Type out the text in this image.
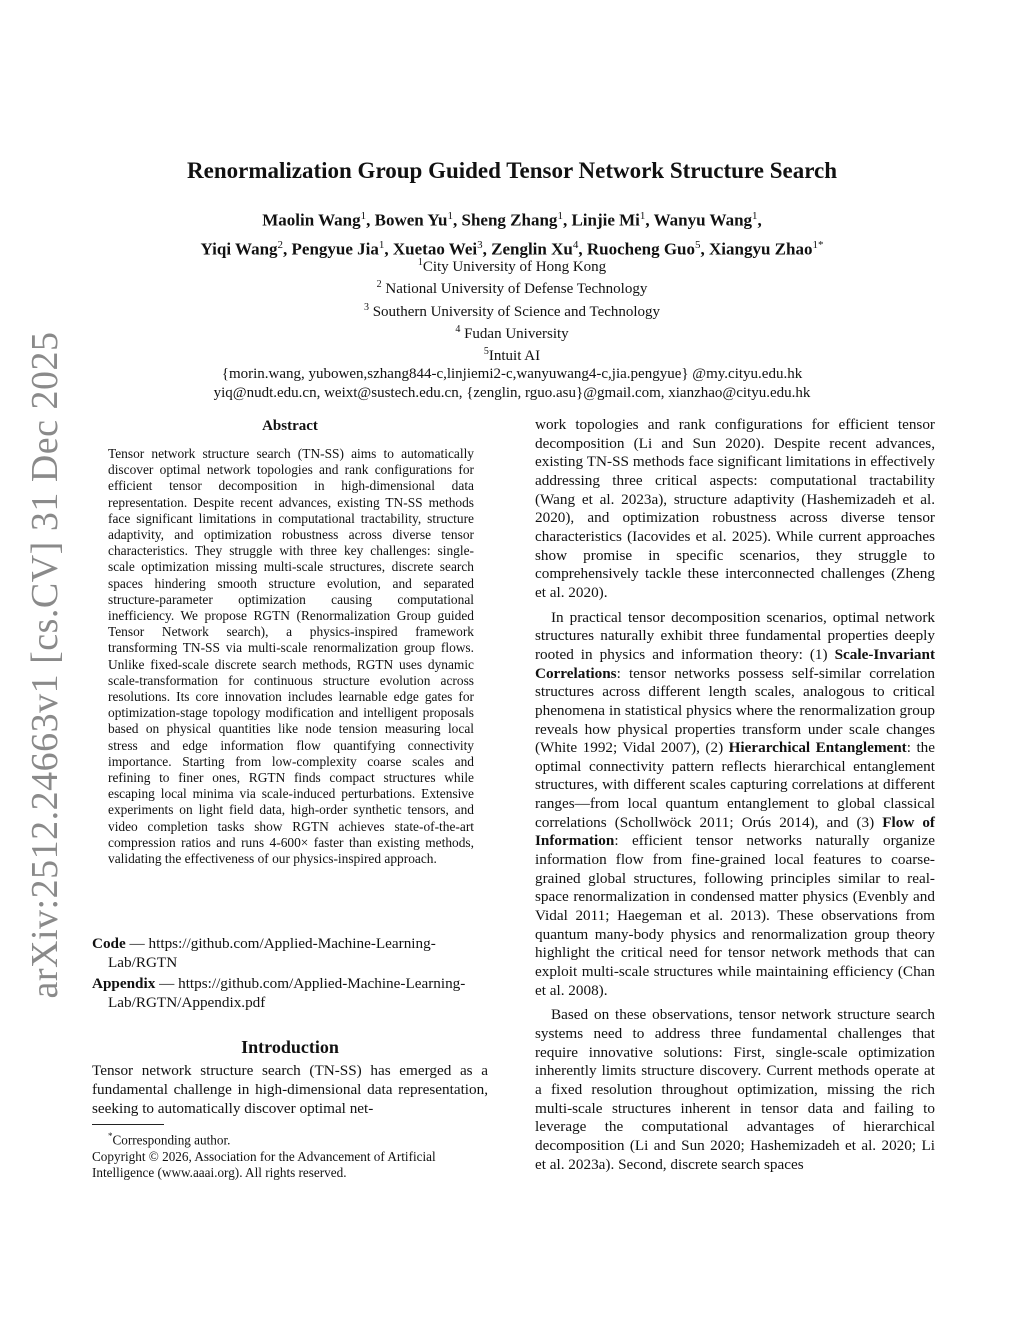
arXiv:2512.24663v1 [cs.CV] 31 Dec 2025
Renormalization Group Guided Tensor Network Structure Search
Maolin Wang$^1$, Bowen Yu$^1$, Sheng Zhang$^1$, Linjie Mi$^1$, Wanyu Wang$^1$,
Yiqi Wang$^2$, Pengyue Jia$^1$, Xuetao Wei$^3$, Zenglin Xu$^4$, Ruocheng Guo$^5$, Xiangyu Zhao$^{1*}$
$^1$City University of Hong Kong
$^2$ National University of Defense Technology
$^3$ Southern University of Science and Technology
$^4$ Fudan University
$^5$Intuit AI
{morin.wang, yubowen,szhang844-c,linjiemi2-c,wanyuwang4-c,jia.pengyue} @my.cityu.edu.hk
yiq@nudt.edu.cn, weixt@sustech.edu.cn, {zenglin, rguo.asu}@gmail.com, xianzhao@cityu.edu.hk
Abstract
Tensor network structure search (TN-SS) aims to automatically discover optimal network topologies and rank configurations for efficient tensor decomposition in high-dimensional data representation. Despite recent advances, existing TN-SS methods face significant limitations in computational tractability, structure adaptivity, and optimization robustness across diverse tensor characteristics. They struggle with three key challenges: single-scale optimization missing multi-scale structures, discrete search spaces hindering smooth structure evolution, and separated structure-parameter optimization causing computational inefficiency. We propose RGTN (Renormalization Group guided Tensor Network search), a physics-inspired framework transforming TN-SS via multi-scale renormalization group flows. Unlike fixed-scale discrete search methods, RGTN uses dynamic scale-transformation for continuous structure evolution across resolutions. Its core innovation includes learnable edge gates for optimization-stage topology modification and intelligent proposals based on physical quantities like node tension measuring local stress and edge information flow quantifying connectivity importance. Starting from low-complexity coarse scales and refining to finer ones, RGTN finds compact structures while escaping local minima via scale-induced perturbations. Extensive experiments on light field data, high-order synthetic tensors, and video completion tasks show RGTN achieves state-of-the-art compression ratios and runs 4-600× faster than existing methods, validating the effectiveness of our physics-inspired approach.
Code — https://github.com/Applied-Machine-Learning-Lab/RGTN
Appendix — https://github.com/Applied-Machine-Learning-Lab/RGTN/Appendix.pdf
Introduction
Tensor network structure search (TN-SS) has emerged as a fundamental challenge in high-dimensional data representation, seeking to automatically discover optimal net-
*Corresponding author.
Copyright © 2026, Association for the Advancement of Artificial Intelligence (www.aaai.org). All rights reserved.

work topologies and rank configurations for efficient tensor decomposition (Li and Sun 2020). Despite recent advances, existing TN-SS methods face significant limitations in effectively addressing three critical aspects: computational tractability (Wang et al. 2023a), structure adaptivity (Hashemizadeh et al. 2020), and optimization robustness across diverse tensor characteristics (Iacovides et al. 2025). While current approaches show promise in specific scenarios, they struggle to comprehensively tackle these interconnected challenges (Zheng et al. 2020).

In practical tensor decomposition scenarios, optimal network structures naturally exhibit three fundamental properties deeply rooted in physics and information theory: (1) Scale-Invariant Correlations: tensor networks possess self-similar correlation structures across different length scales, analogous to critical phenomena in statistical physics where the renormalization group reveals how physical properties transform under scale changes (White 1992; Vidal 2007), (2) Hierarchical Entanglement: the optimal connectivity pattern reflects hierarchical entanglement structures, with different scales capturing correlations at different ranges—from local quantum entanglement to global classical correlations (Schollwöck 2011; Orús 2014), and (3) Flow of Information: efficient tensor networks naturally organize information flow from fine-grained local features to coarse-grained global structures, following principles similar to real-space renormalization in condensed matter physics (Evenbly and Vidal 2011; Haegeman et al. 2013). These observations from quantum many-body physics and renormalization group theory highlight the critical need for tensor network methods that can exploit multi-scale structures while maintaining efficiency (Chan et al. 2008).

Based on these observations, tensor network structure search systems need to address three fundamental challenges that require innovative solutions: First, single-scale optimization inherently limits structure discovery. Current methods operate at a fixed resolution throughout optimization, missing the rich multi-scale structures inherent in tensor data and failing to leverage the computational advantages of hierarchical decomposition (Li and Sun 2020; Hashemizadeh et al. 2020; Li et al. 2023a). Second, discrete search spaces
